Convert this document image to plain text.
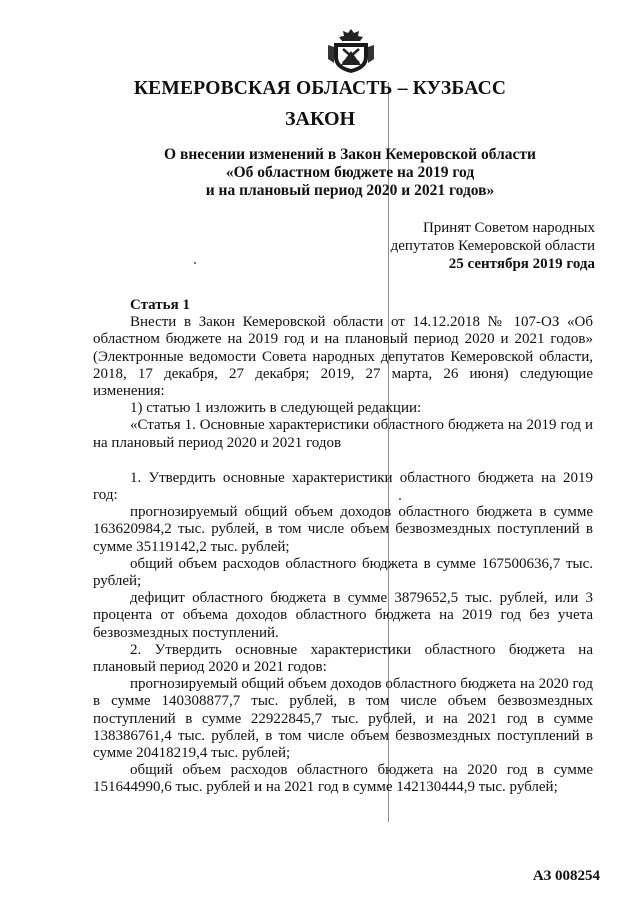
КЕМЕРОВСКАЯ ОБЛАСТЬ – КУЗБАСС
ЗАКОН
О внесении изменений в Закон Кемеровской области
«Об областном бюджете на 2019 год
и на плановый период 2020 и 2021 годов»
Принят Советом народных
депутатов Кемеровской области
25 сентября 2019 года

Статья 1

Внести в Закон Кемеровской области от 14.12.2018 № 107-ОЗ «Об областном бюджете на 2019 год и на плановый период 2020 и 2021 годов» (Электронные ведомости Совета народных депутатов Кемеровской области, 2018, 17 декабря, 27 декабря; 2019, 27 марта, 26 июня) следующие изменения:

1) статью 1 изложить в следующей редакции:

«Статья 1. Основные характеристики областного бюджета на 2019 год и на плановый период 2020 и 2021 годов

1. Утвердить основные характеристики областного бюджета на 2019 год:

прогнозируемый общий объем доходов областного бюджета в сумме 163620984,2 тыс. рублей, в том числе объем безвозмездных поступлений в сумме 35119142,2 тыс. рублей;

общий объем расходов областного бюджета в сумме 167500636,7 тыс. рублей;

дефицит областного бюджета в сумме 3879652,5 тыс. рублей, или 3 процента от объема доходов областного бюджета на 2019 год без учета безвозмездных поступлений.

2. Утвердить основные характеристики областного бюджета на плановый период 2020 и 2021 годов:

прогнозируемый общий объем доходов областного бюджета на 2020 год в сумме 140308877,7 тыс. рублей, в том числе объем безвозмездных поступлений в сумме 22922845,7 тыс. рублей, и на 2021 год в сумме 138386761,4 тыс. рублей, в том числе объем безвозмездных поступлений в сумме 20418219,4 тыс. рублей;

общий объем расходов областного бюджета на 2020 год в сумме 151644990,6 тыс. рублей и на 2021 год в сумме 142130444,9 тыс. рублей;

АЗ 008254
